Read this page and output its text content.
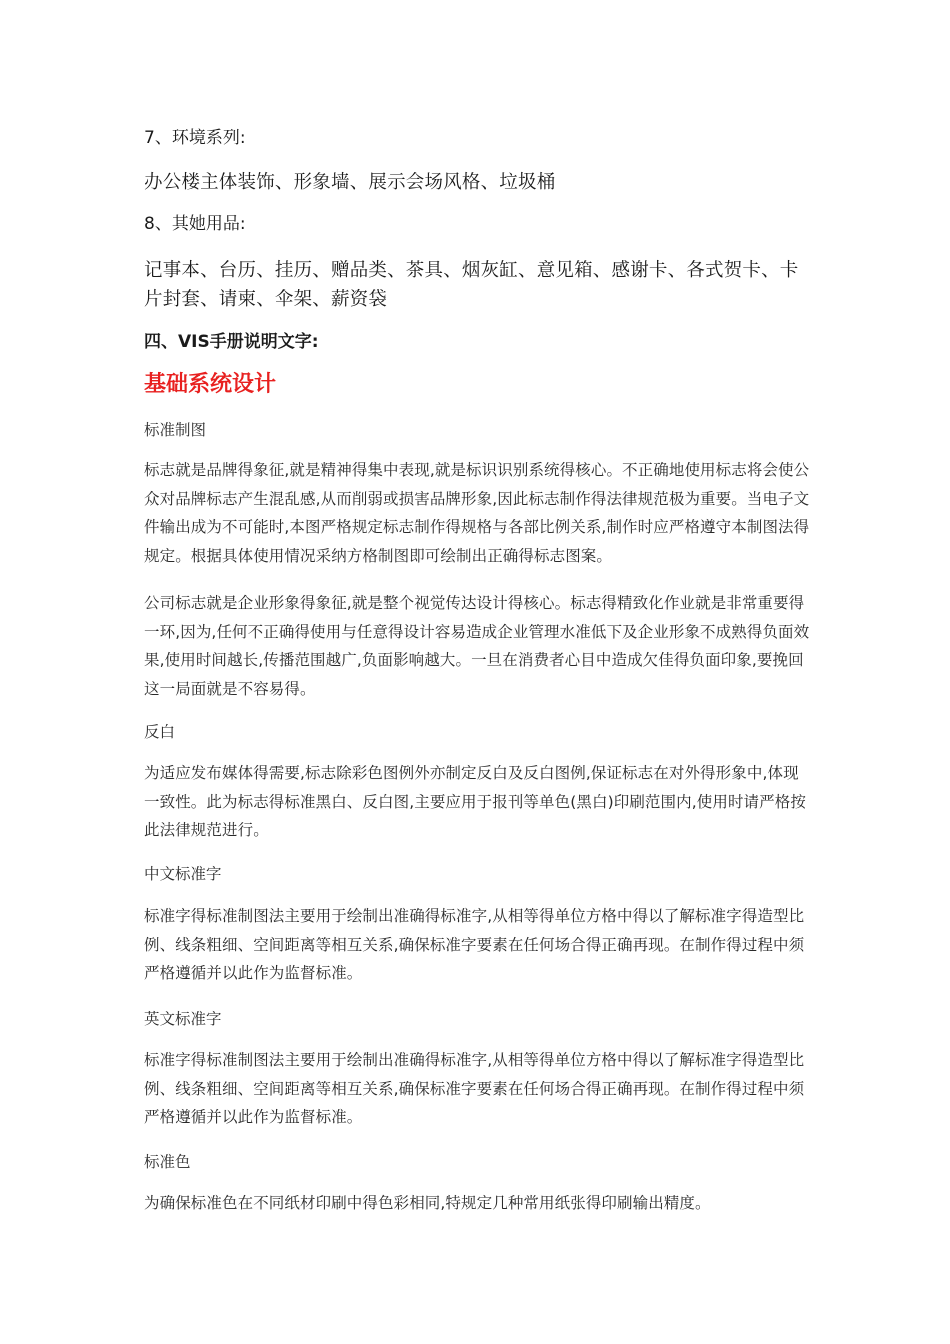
7、环境系列:

办公楼主体装饰、形象墙、展示会场风格、垃圾桶

8、其她用品:

记事本、台历、挂历、赠品类、茶具、烟灰缸、意见箱、感谢卡、各式贺卡、卡片封套、请柬、伞架、薪资袋

四、VIS手册说明文字:

基础系统设计

标准制图

标志就是品牌得象征,就是精神得集中表现,就是标识识别系统得核心。不正确地使用标志将会使公众对品牌标志产生混乱感,从而削弱或损害品牌形象,因此标志制作得法律规范极为重要。当电子文件输出成为不可能时,本图严格规定标志制作得规格与各部比例关系,制作时应严格遵守本制图法得规定。根据具体使用情况采纳方格制图即可绘制出正确得标志图案。

公司标志就是企业形象得象征,就是整个视觉传达设计得核心。标志得精致化作业就是非常重要得一环,因为,任何不正确得使用与任意得设计容易造成企业管理水准低下及企业形象不成熟得负面效果,使用时间越长,传播范围越广,负面影响越大。一旦在消费者心目中造成欠佳得负面印象,要挽回这一局面就是不容易得。

反白

为适应发布媒体得需要,标志除彩色图例外亦制定反白及反白图例,保证标志在对外得形象中,体现一致性。此为标志得标准黑白、反白图,主要应用于报刊等单色(黑白)印刷范围内,使用时请严格按此法律规范进行。

中文标准字

标准字得标准制图法主要用于绘制出准确得标准字,从相等得单位方格中得以了解标准字得造型比例、线条粗细、空间距离等相互关系,确保标准字要素在任何场合得正确再现。在制作得过程中须严格遵循并以此作为监督标准。

英文标准字

标准字得标准制图法主要用于绘制出准确得标准字,从相等得单位方格中得以了解标准字得造型比例、线条粗细、空间距离等相互关系,确保标准字要素在任何场合得正确再现。在制作得过程中须严格遵循并以此作为监督标准。

标准色

为确保标准色在不同纸材印刷中得色彩相同,特规定几种常用纸张得印刷输出精度。
